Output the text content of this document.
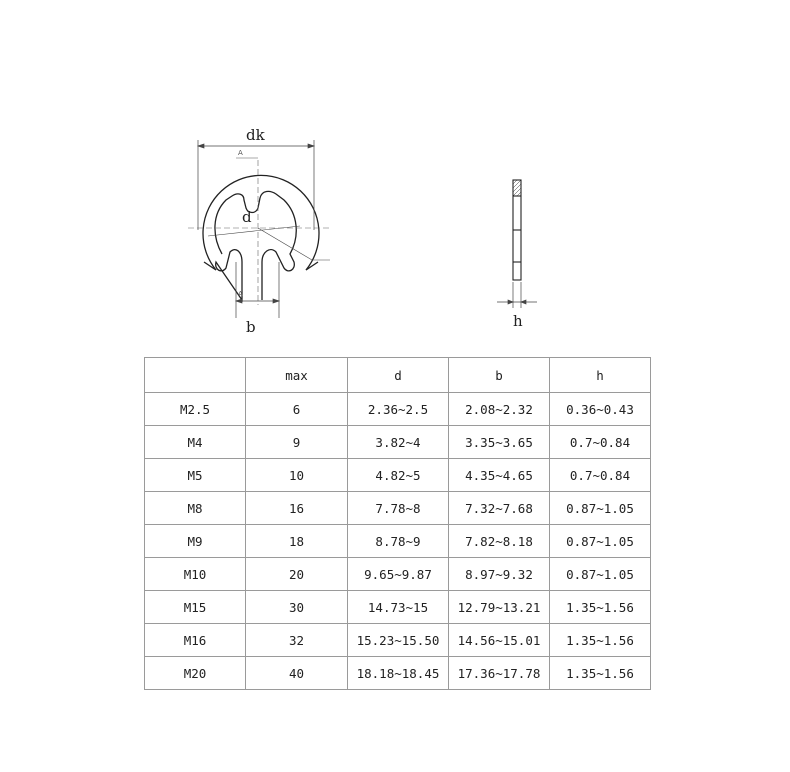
dk
A
d
A
b	h
	max	d	b	h
M2.5	6	2.36~2.5	2.08~2.32	0.36~0.43
M4	9	3.82~4	3.35~3.65	0.7~0.84
M5	10	4.82~5	4.35~4.65	0.7~0.84
M8	16	7.78~8	7.32~7.68	0.87~1.05
M9	18	8.78~9	7.82~8.18	0.87~1.05
M10	20	9.65~9.87	8.97~9.32	0.87~1.05
M15	30	14.73~15	12.79~13.21	1.35~1.56
M16	32	15.23~15.50	14.56~15.01	1.35~1.56
M20	40	18.18~18.45	17.36~17.78	1.35~1.56
